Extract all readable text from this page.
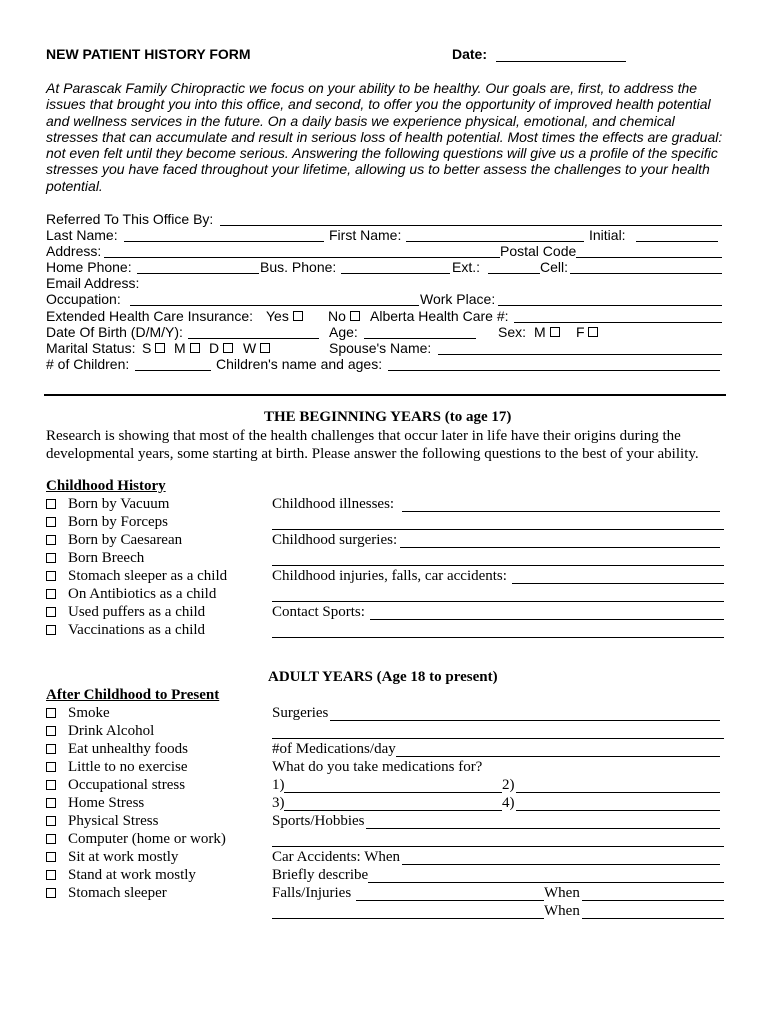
NEW PATIENT HISTORY FORM	Date:
At Parascak Family Chiropractic we focus on your ability to be healthy. Our goals are, first, to address the issues that brought you into this office, and second, to offer you the opportunity of improved health potential and wellness services in the future. On a daily basis we experience physical, emotional, and chemical stresses that can accumulate and result in serious loss of health potential. Most times the effects are gradual: not even felt until they become serious. Answering the following questions will give us a profile of the specific stresses you have faced throughout your lifetime, allowing us to better assess the challenges to your health potential.
Referred To This Office By:
Last Name:	First Name:	Initial:
Address:	Postal Code
Home Phone:	Bus. Phone:	Ext.:	Cell:
Email Address:
Occupation:	Work Place:
Extended Health Care Insurance: Yes	No	Alberta Health Care #:
Date Of Birth (D/M/Y):	Age:	Sex: M	F
Marital Status: S	M	D	W	Spouse's Name:
# of Children:	Children's name and ages:
THE BEGINNING YEARS (to age 17)
Research is showing that most of the health challenges that occur later in life have their origins during the developmental years, some starting at birth. Please answer the following questions to the best of your ability.
Childhood History
Born by Vacuum
Born by Forceps
Born by Caesarean
Born Breech
Stomach sleeper as a child
On Antibiotics as a child
Used puffers as a child
Vaccinations as a child
Childhood illnesses:
Childhood surgeries:
Childhood injuries, falls, car accidents:
Contact Sports:
ADULT YEARS (Age 18 to present)
After Childhood to Present
Smoke
Drink Alcohol
Eat unhealthy foods
Little to no exercise
Occupational stress
Home Stress
Physical Stress
Computer (home or work)
Sit at work mostly
Stand at work mostly
Stomach sleeper
Surgeries
#of Medications/day
What do you take medications for?
1)	2)
3)	4)
Sports/Hobbies
Car Accidents: When
Briefly describe
Falls/Injuries	When
When
